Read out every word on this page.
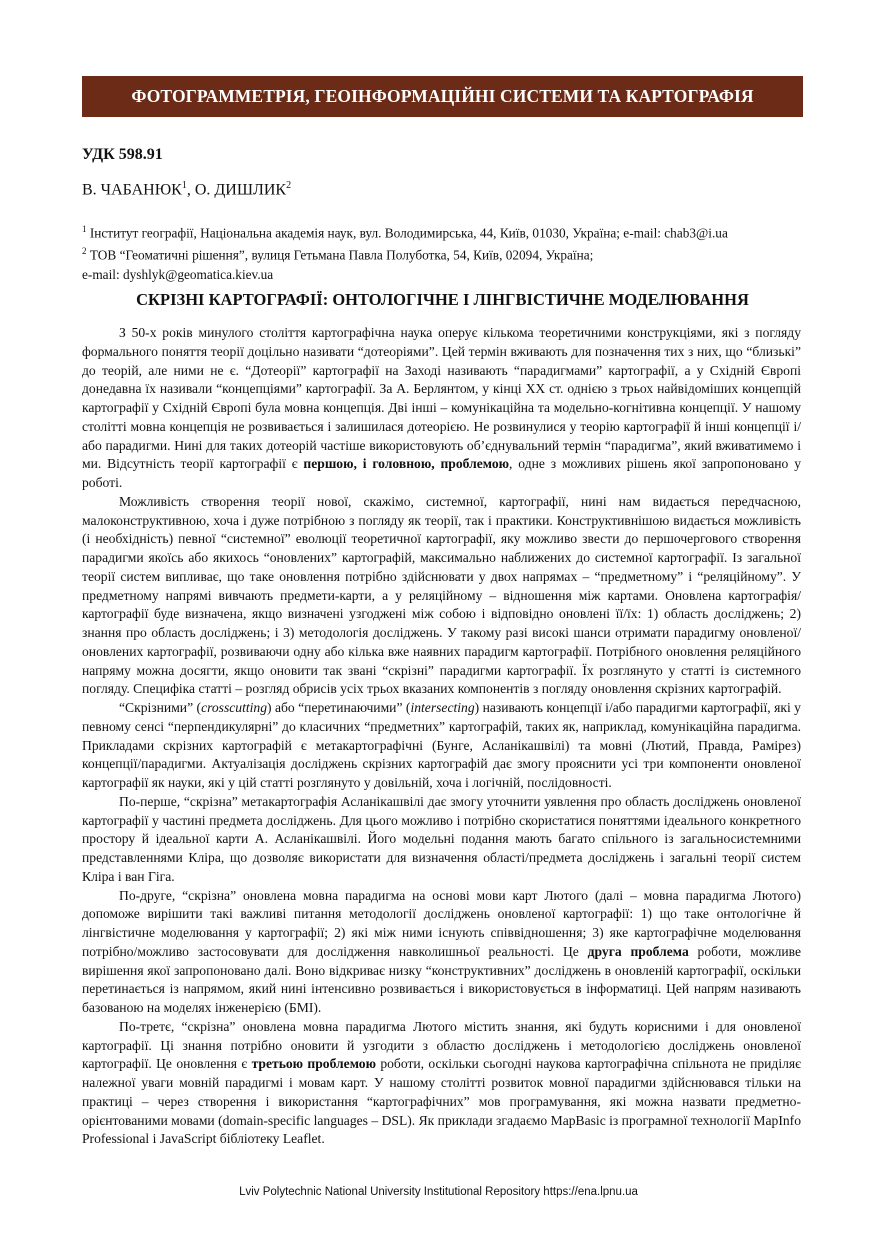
ФОТОГРАММЕТРІЯ, ГЕОІНФОРМАЦІЙНІ СИСТЕМИ ТА КАРТОГРАФІЯ
УДК 598.91
В. ЧАБАНЮК$^1$, О. ДИШЛИК$^2$
$^1$ Інститут географії, Національна академія наук, вул. Володимирська, 44, Київ, 01030, Україна; e-mail: chab3@i.ua
$^2$ ТОВ “Геоматичні рішення”, вулиця Гетьмана Павла Полуботка, 54, Київ, 02094, Україна;
e-mail: dyshlyk@geomatica.kiev.ua
СКРІЗНІ КАРТОГРАФІЇ: ОНТОЛОГІЧНЕ І ЛІНГВІСТИЧНЕ МОДЕЛЮВАННЯ

З 50-х років минулого століття картографічна наука оперує кількома теоретичними конструкціями, які з погляду формального поняття теорії доцільно називати “дотеоріями”. Цей термін вживають для позначення тих з них, що “близькі” до теорій, але ними не є. “Дотеорії” картографії на Заході називають “парадигмами” картографії, а у Східній Європі донедавна їх називали “концепціями” картографії. За А. Берлянтом, у кінці ХХ ст. однією з трьох найвідоміших концепцій картографії у Східній Європі була мовна концепція. Дві інші – комунікаційна та модельно-когнітивна концепції. У нашому столітті мовна концепція не розвивається і залишилася дотеорією. Не розвинулися у теорію картографії й інші концепції і/або парадигми. Нині для таких дотеорій частіше використовують об’єднувальний термін “парадигма”, який вживатимемо і ми. Відсутність теорії картографії є першою, і головною, проблемою, одне з можливих рішень якої запропоновано у роботі.

Можливість створення теорії нової, скажімо, системної, картографії, нині нам видається передчасною, малоконструктивною, хоча і дуже потрібною з погляду як теорії, так і практики. Конструктивнішою видається можливість (і необхідність) певної “системної” еволюції теоретичної картографії, яку можливо звести до першочергового створення парадигми якоїсь або якихось “оновлених” картографій, максимально наближених до системної картографії. Із загальної теорії систем випливає, що таке оновлення потрібно здійснювати у двох напрямах – “предметному” і “реляційному”. У предметному напрямі вивчають предмети-карти, а у реляційному – відношення між картами. Оновлена картографія/картографії буде визначена, якщо визначені узгоджені між собою і відповідно оновлені її/їх: 1) область досліджень; 2) знання про область досліджень; і 3) методологія досліджень. У такому разі високі шанси отримати парадигму оновленої/оновлених картографії, розвиваючи одну або кілька вже наявних парадигм картографії. Потрібного оновлення реляційного напряму можна досягти, якщо оновити так звані “скрізні” парадигми картографії. Їх розглянуто у статті із системного погляду. Специфіка статті – розгляд обрисів усіх трьох вказаних компонентів з погляду оновлення скрізних картографій.

“Скрізними” (crosscutting) або “перетинаючими” (intersecting) називають концепції і/або парадигми картографії, які у певному сенсі “перпендикулярні” до класичних “предметних” картографій, таких як, наприклад, комунікаційна парадигма. Прикладами скрізних картографій є метакартографічні (Бунге, Асланікашвілі) та мовні (Лютий, Правда, Рамірез) концепції/парадигми. Актуалізація досліджень скрізних картографій дає змогу прояснити усі три компоненти оновленої картографії як науки, які у цій статті розглянуто у довільній, хоча і логічній, послідовності.

По-перше, “скрізна” метакартографія Асланікашвілі дає змогу уточнити уявлення про область досліджень оновленої картографії у частині предмета досліджень. Для цього можливо і потрібно скористатися поняттями ідеального конкретного простору й ідеальної карти А. Асланікашвілі. Його модельні подання мають багато спільного із загальносистемними представленнями Кліра, що дозволяє використати для визначення області/предмета досліджень і загальні теорії систем Кліра і ван Гіга.

По-друге, “скрізна” оновлена мовна парадигма на основі мови карт Лютого (далі – мовна парадигма Лютого) допоможе вирішити такі важливі питання методології досліджень оновленої картографії: 1) що таке онтологічне й лінгвістичне моделювання у картографії; 2) які між ними існують співвідношення; 3) яке картографічне моделювання потрібно/можливо застосовувати для дослідження навколишньої реальності. Це друга проблема роботи, можливе вирішення якої запропоновано далі. Воно відкриває низку “конструктивних” досліджень в оновленій картографії, оскільки перетинається із напрямом, який нині інтенсивно розвивається і використовується в інформатиці. Цей напрям називають базованою на моделях інженерією (БМІ).

По-третє, “скрізна” оновлена мовна парадигма Лютого містить знання, які будуть корисними і для оновленої картографії. Ці знання потрібно оновити й узгодити з областю досліджень і методологією досліджень оновленої картографії. Це оновлення є третьою проблемою роботи, оскільки сьогодні наукова картографічна спільнота не приділяє належної уваги мовній парадигмі і мовам карт. У нашому столітті розвиток мовної парадигми здійснювався тільки на практиці – через створення і використання “картографічних” мов програмування, які можна назвати предметно-орієнтованими мовами (domain-specific languages – DSL). Як приклади згадаємо MapBasic із програмної технології MapInfo Professional і JavaScript бібліотеку Leaflet.

Lviv Polytechnic National University Institutional Repository https://ena.lpnu.ua
